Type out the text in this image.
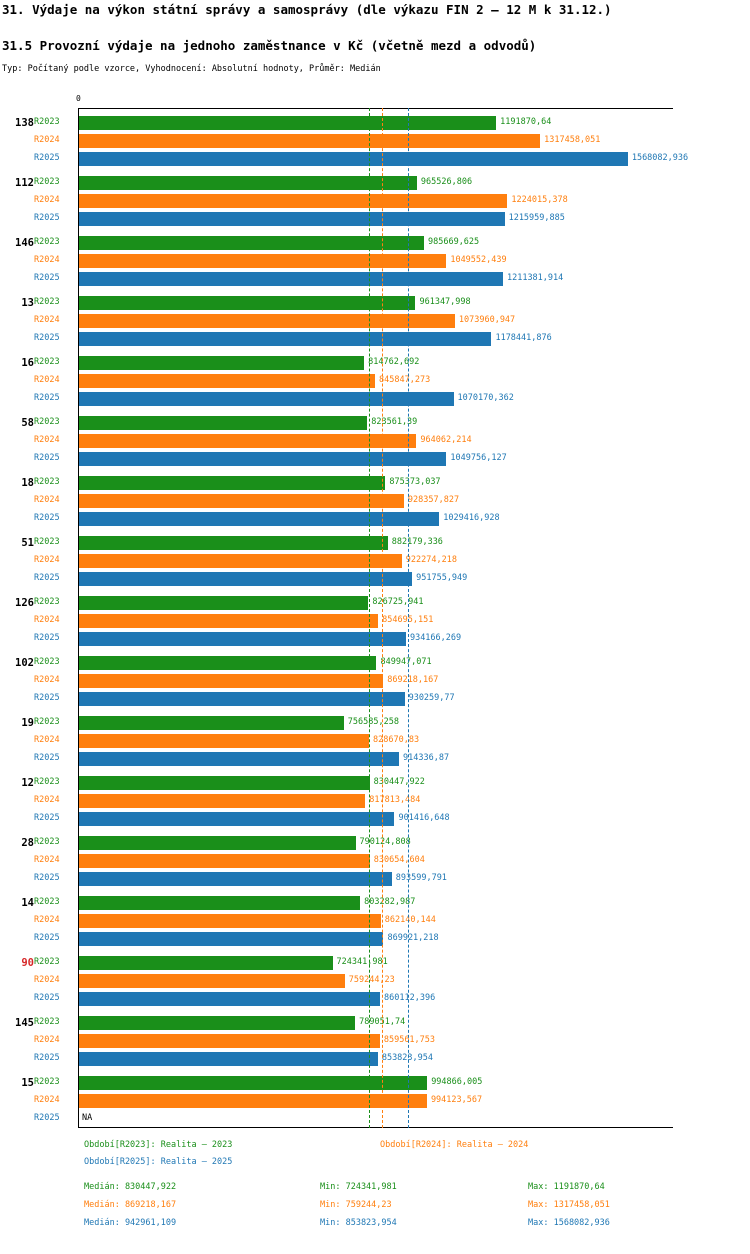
31. Výdaje na výkon státní správy a samosprávy (dle výkazu FIN 2 – 12 M k 31.12.)
31.5 Provozní výdaje na jednoho zaměstnance v Kč (včetně mezd a odvodů)
Typ: Počítaný podle vzorce, Vyhodnocení: Absolutní hodnoty, Průměr: Medián
0
138 R2023	1191870,64
R2024	1317458,051
R2025	1568082,936
112 R2023	965526,806
R2024	1224015,378
R2025	1215959,885
146 R2023	985669,625
R2024	1049552,439
R2025	1211381,914
13 R2023	961347,998
R2024	1073960,947
R2025	1178441,876
16 R2023	814762,692
R2024	845847,273
R2025	1070170,362
58 R2023	823561,39
R2024	964062,214
R2025	1049756,127
18 R2023	875373,037
R2024	928357,827
R2025	1029416,928
51 R2023	882179,336
R2024	922274,218
R2025	951755,949
126 R2023	826725,941
R2024	854695,151
R2025	934166,269
102 R2023	849947,071
R2024	869218,167
R2025	930259,77
19 R2023	756585,258
R2024	828670,83
R2025	914336,87
12 R2023	830447,922
R2024	817813,484
R2025	901416,648
28 R2023	790124,808
R2024	830654,604
R2025	893599,791
14 R2023	803282,987
R2024	862140,144
R2025	869921,218
90 R2023	724341,981
R2024	759244,23
R2025	860112,396
145 R2023	789051,74
R2024	859561,753
R2025	853823,954
15 R2023	994866,005
R2024	994123,567
R2025	NA
Období[R2023]: Realita – 2023	Období[R2024]: Realita – 2024
Období[R2025]: Realita – 2025
Medián: 830447,922	Min: 724341,981	Max: 1191870,64
Medián: 869218,167	Min: 759244,23	Max: 1317458,051
Medián: 942961,109	Min: 853823,954	Max: 1568082,936
